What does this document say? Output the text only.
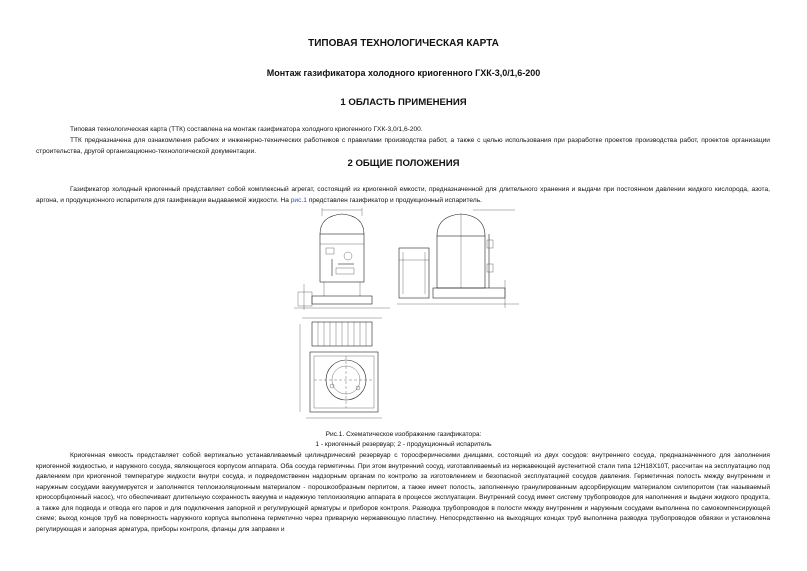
ТИПОВАЯ ТЕХНОЛОГИЧЕСКАЯ КАРТА
Монтаж газификатора холодного криогенного ГХК-3,0/1,6-200
1 ОБЛАСТЬ ПРИМЕНЕНИЯ
Типовая технологическая карта (ТТК) составлена на монтаж газификатора холодного криогенного ГХК-3,0/1,6-200.
ТТК предназначена для ознакомления рабочих и инженерно-технических работников с правилами производства работ, а также с целью использования при разработке проектов производства работ, проектов организации строительства, другой организационно-технологической документации.
2 ОБЩИЕ ПОЛОЖЕНИЯ
Газификатор холодный криогенный представляет собой комплексный агрегат, состоящий из криогенной емкости, предназначенной для длительного хранения и выдачи при постоянном давлении жидкого кислорода, азота, аргона, и продукционного испарителя для газификации выдаваемой жидкости. На рис.1 представлен газификатор и продукционный испаритель.
Рис.1. Схематическое изображение газификатора:
1 - криогенный резервуар; 2 - продукционный испаритель
Криогенная емкость представляет собой вертикально устанавливаемый цилиндрический резервуар с торосферическими днищами, состоящий из двух сосудов: внутреннего сосуда, предназначенного для заполнения криогенной жидкостью, и наружного сосуда, являющегося корпусом аппарата. Оба сосуда герметичны. При этом внутренний сосуд, изготавливаемый из нержавеющей аустенитной стали типа 12Н18Х10Т, рассчитан на эксплуатацию под давлением при криогенной температуре жидкости внутри сосуда, и подведомственен надзорным органам по контролю за изготовлением и безопасной эксплуатацией сосудов давления. Герметичная полость между внутренним и наружным сосудами вакуумируется и заполняется теплоизоляционным материалом - порошкообразным перлитом, а также имеет полость, заполненную гранулированным адсорбирующим материалом силипоритом (так называемый криосорбционный насос), что обеспечивает длительную сохранность вакуума и надежную теплоизоляцию аппарата в процессе эксплуатации. Внутренний сосуд имеет систему трубопроводов для наполнения и выдачи жидкого продукта, а также для подвода и отвода его паров и для подключения запорной и регулирующей арматуры и приборов контроля. Разводка трубопроводов в полости между внутренним и наружным сосудами выполнена по самокомпенсирующей схеме; выход концов труб на поверхность наружного корпуса выполнена герметично через приварную нержавеющую пластину. Непосредственно на выходящих концах труб выполнена разводка трубопроводов обвязки и установлена регулирующая и запорная арматура, приборы контроля, фланцы для заправки и
